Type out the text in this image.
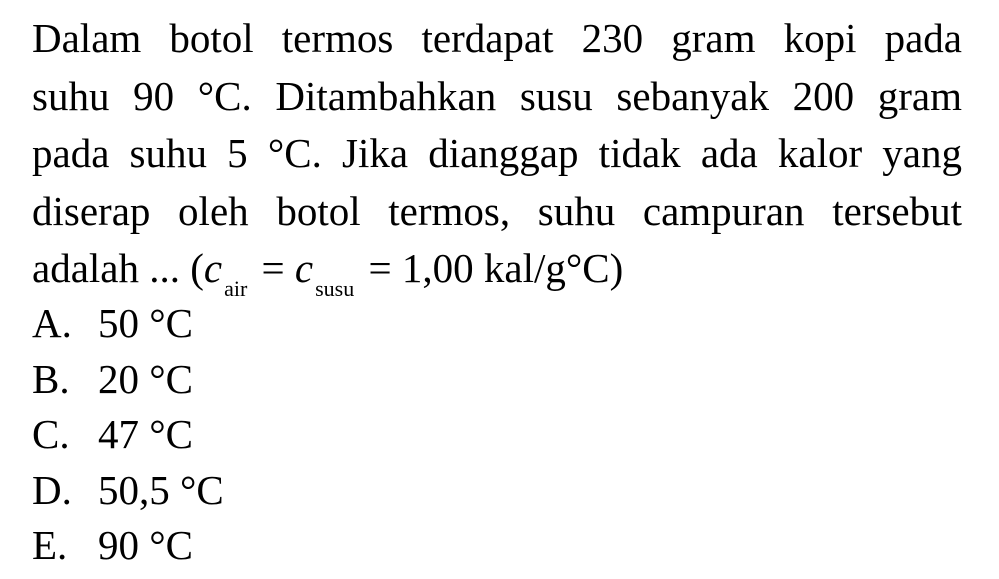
Dalam botol termos terdapat 230 gram kopi pada
suhu 90 °C. Ditambahkan susu sebanyak 200 gram
pada suhu 5 °C. Jika dianggap tidak ada kalor yang
diserap oleh botol termos, suhu campuran tersebut
adalah ... ($c_{air} = c_{susu} = 1,00$ kal/g°C)
A. 50 °C
B. 20 °C
C. 47 °C
D. 50,5 °C
E. 90 °C
